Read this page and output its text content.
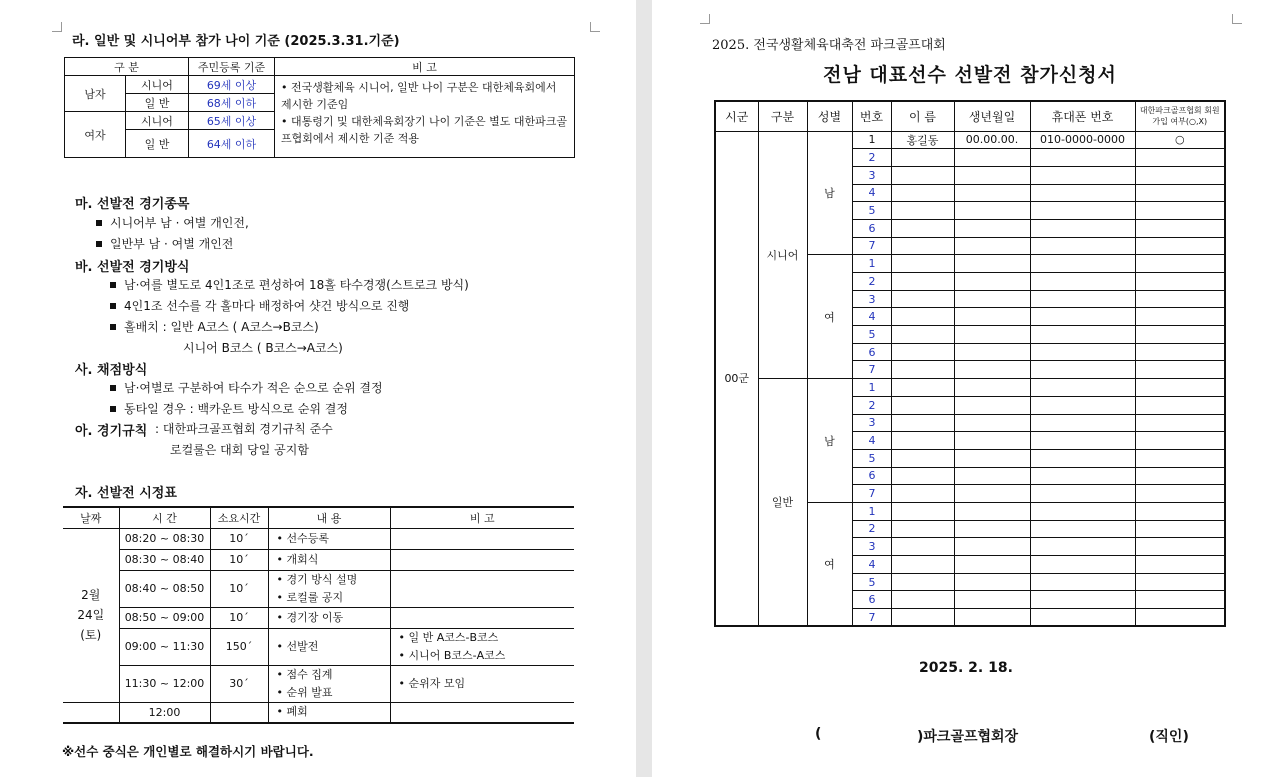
라. 일반 및 시니어부 참가 나이 기준 (2025.3.31.기준)
구 분		주민등록 기준	비 고
남자	시니어	69세 이상	• 전국생활체육 시니어, 일반 나이 구분은 대한체육회에서 제시한 기준임
• 대통령기 및 대한체육회장기 나이 기준은 별도 대한파크골프협회에서 제시한 기준 적용

	일 반	68세 이하	
여자	시니어	65세 이상	
	일 반	64세 이하	
마. 선발전 경기종목
시니어부 남 · 여별 개인전,
일반부 남 · 여별 개인전
바. 선발전 경기방식
남·여를 별도로 4인1조로 편성하여 18홀 타수경쟁(스트로크 방식)
4인1조 선수를 각 홀마다 배정하여 샷건 방식으로 진행
홀배치 : 일반 A코스 ( A코스→B코스)
시니어 B코스 ( B코스→A코스)
사. 채점방식
남·여별로 구분하여 타수가 적은 순으로 순위 결정
동타일 경우 : 백카운트 방식으로 순위 결정
아. 경기규칙 : 대한파크골프협회 경기규칙 준수
로컬룰은 대회 당일 공지함
자. 선발전 시정표
날짜	시 간	소요시간	내 용	비 고
2월
24일
(토)	08:20 ~ 08:30	10´	• 선수등록	
	08:30 ~ 08:40	10´	• 개회식	
	08:40 ~ 08:50	10´	• 경기 방식 설명
• 로컬룰 공지	
	08:50 ~ 09:00	10´	• 경기장 이동	
	09:00 ~ 11:30	150´	• 선발전	• 일 반 A코스-B코스
• 시니어 B코스-A코스
	11:30 ~ 12:00	30´	• 점수 집계
• 순위 발표	• 순위자 모임
	12:00		• 폐회	
※선수 중식은 개인별로 해결하시기 바랍니다.
2025. 전국생활체육대축전 파크골프대회
전남 대표선수 선발전 참가신청서
시군	구분	성별	번호	이 름	생년월일	휴대폰 번호	대한파크골프협회 회원가입 여부(○,X)
00군	시니어	남	1	홍길동	00.00.00.	010-0000-0000	○
			2				
			3				
			4				
			5				
			6				
			7				
		여	1				
			2				
			3				
			4				
			5				
			6				
			7				
	일반	남	1				
			2				
			3				
			4				
			5				
			6				
			7				
		여	1				
			2				
			3				
			4				
			5				
			6				
			7				
2025. 2. 18.
(	)파크골프협회장	(직인)
